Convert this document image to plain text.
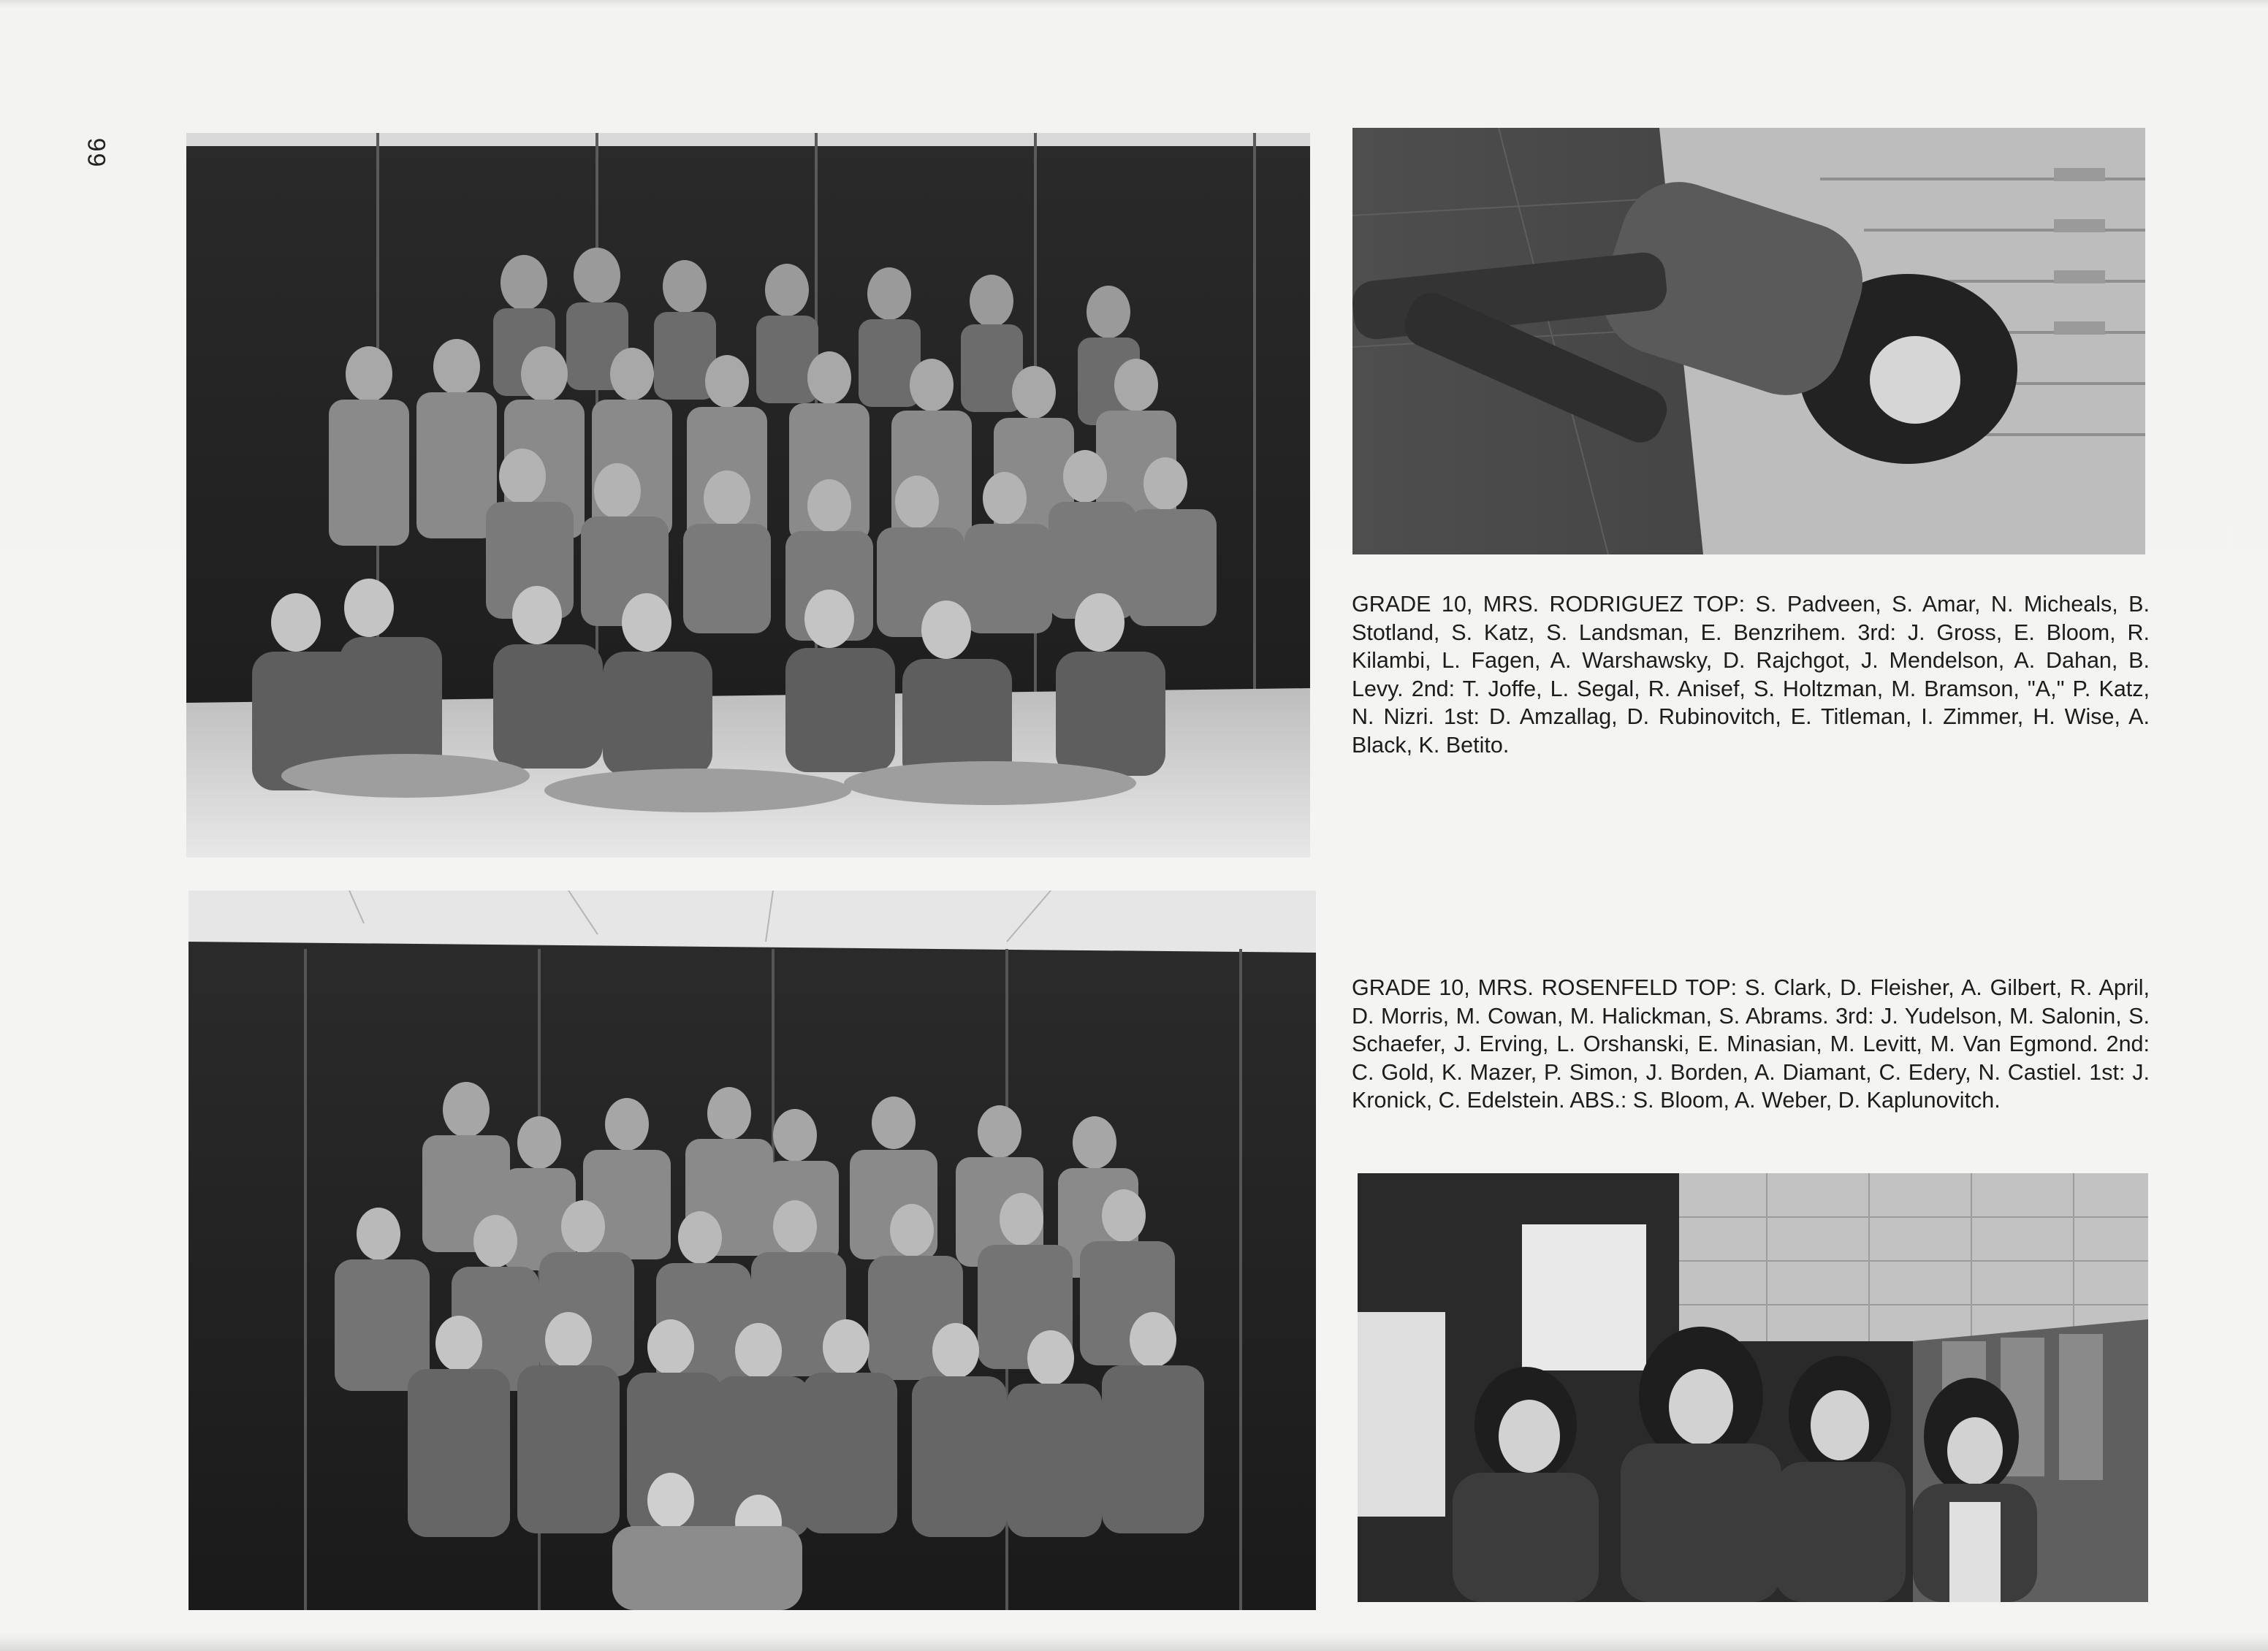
99

GRADE 10, MRS. RODRIGUEZ TOP: S. Padveen, S. Amar, N. Micheals, B. Stotland, S. Katz, S. Landsman, E. Benzrihem. 3rd: J. Gross, E. Bloom, R. Kilambi, L. Fagen, A. Warshawsky, D. Rajchgot, J. Mendelson, A. Dahan, B. Levy. 2nd: T. Joffe, L. Segal, R. Anisef, S. Holtzman, M. Bramson, "A," P. Katz, N. Nizri. 1st: D. Amzallag, D. Rubinovitch, E. Titleman, I. Zimmer, H. Wise, A. Black, K. Betito.

GRADE 10, MRS. ROSENFELD TOP: S. Clark, D. Fleisher, A. Gilbert, R. April, D. Morris, M. Cowan, M. Halickman, S. Abrams. 3rd: J. Yudelson, M. Salonin, S. Schaefer, J. Erving, L. Orshanski, E. Minasian, M. Levitt, M. Van Egmond. 2nd: C. Gold, K. Mazer, P. Simon, J. Borden, A. Diamant, C. Edery, N. Castiel. 1st: J. Kronick, C. Edelstein. ABS.: S. Bloom, A. Weber, D. Kaplunovitch.
